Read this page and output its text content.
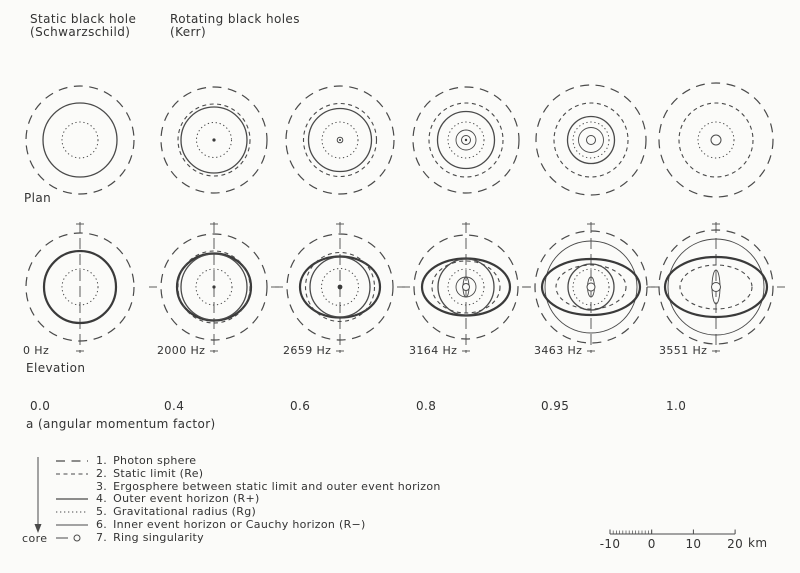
Static black hole
(Schwarzschild)
Rotating black holes
(Kerr)
Plan
Elevation
a (angular momentum factor)
0 Hz	2000 Hz	2659 Hz	3164 Hz	3463 Hz	3551 Hz
0.0	0.4	0.6	0.8	0.95	1.0
1. Photon sphere
2. Static limit (Re)
3. Ergosphere between static limit and outer event horizon
4. Outer event horizon (R+)
5. Gravitational radius (Rg)
6. Inner event horizon or Cauchy horizon (R−)
7. Ring singularity
core	-10	0	10	20 km
